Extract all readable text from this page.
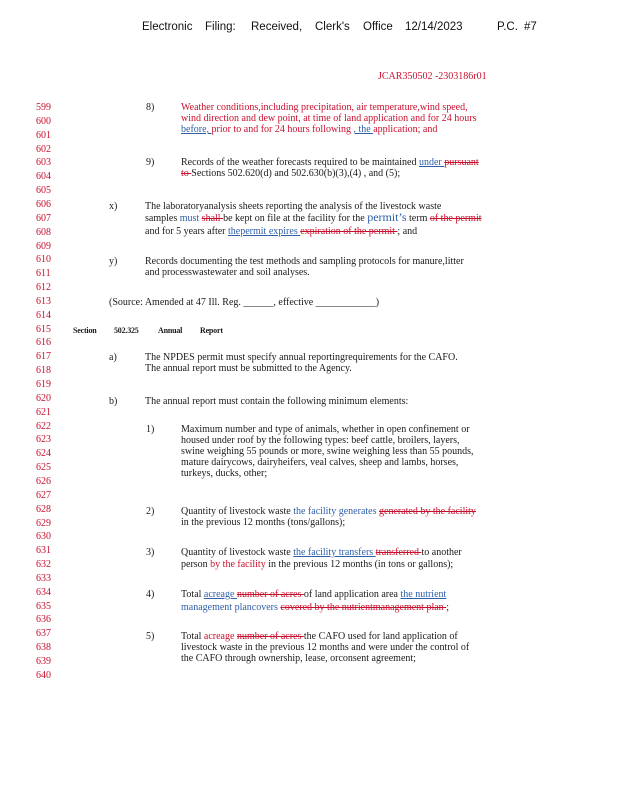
Electronic Filing: Received, Clerk's Office 12/14/2023	P.C. #7
JCAR350502 -2303186r01
599
600
601
602
603
604
605
606
607
608
609
610
611
612
613
614
615
616
617
618
619
620
621
622
623
624
625
626
627
628
629
630
631
632
633
634
635
636
637
638
639
640
8)	Weather conditions,including precipitation, air temperature,wind speed,
wind direction and dew point, at time of land application and for 24 hours
before, prior to and for 24 hours following , the application; and
9)	Records of the weather forecasts required to be maintained under pursuant
to Sections 502.620(d) and 502.630(b)(3),(4) , and (5);
x)	The laboratoryanalysis sheets reporting the analysis of the livestock waste
samples must shall be kept on file at the facility for the permit’s term of the permit
and for 5 years after thepermit expires expiration of the permit ; and
y)	Records documenting the test methods and sampling protocols for manure,litter
and processwastewater and soil analyses.
(Source: Amended at 47 Ill. Reg. ______, effective ____________)
Section 502.325 Annual Report
a)	The NPDES permit must specify annual reportingrequirements for the CAFO.
The annual report must be submitted to the Agency.
b)	The annual report must contain the following minimum elements:
1)	Maximum number and type of animals, whether in open confinement or
housed under roof by the following types: beef cattle, broilers, layers,
swine weighing 55 pounds or more, swine weighing less than 55 pounds,
mature dairycows, dairyheifers, veal calves, sheep and lambs, horses,
turkeys, ducks, other;
2)	Quantity of livestock waste the facility generates generated by the facility
in the previous 12 months (tons/gallons);
3)	Quantity of livestock waste the facility transfers transferred to another
person by the facility in the previous 12 months (in tons or gallons);
4)	Total acreage number of acres of land application area the nutrient
management plancovers covered by the nutrientmanagement plan ;
5)	Total acreage number of acres the CAFO used for land application of
livestock waste in the previous 12 months and were under the control of
the CAFO through ownership, lease, orconsent agreement;
